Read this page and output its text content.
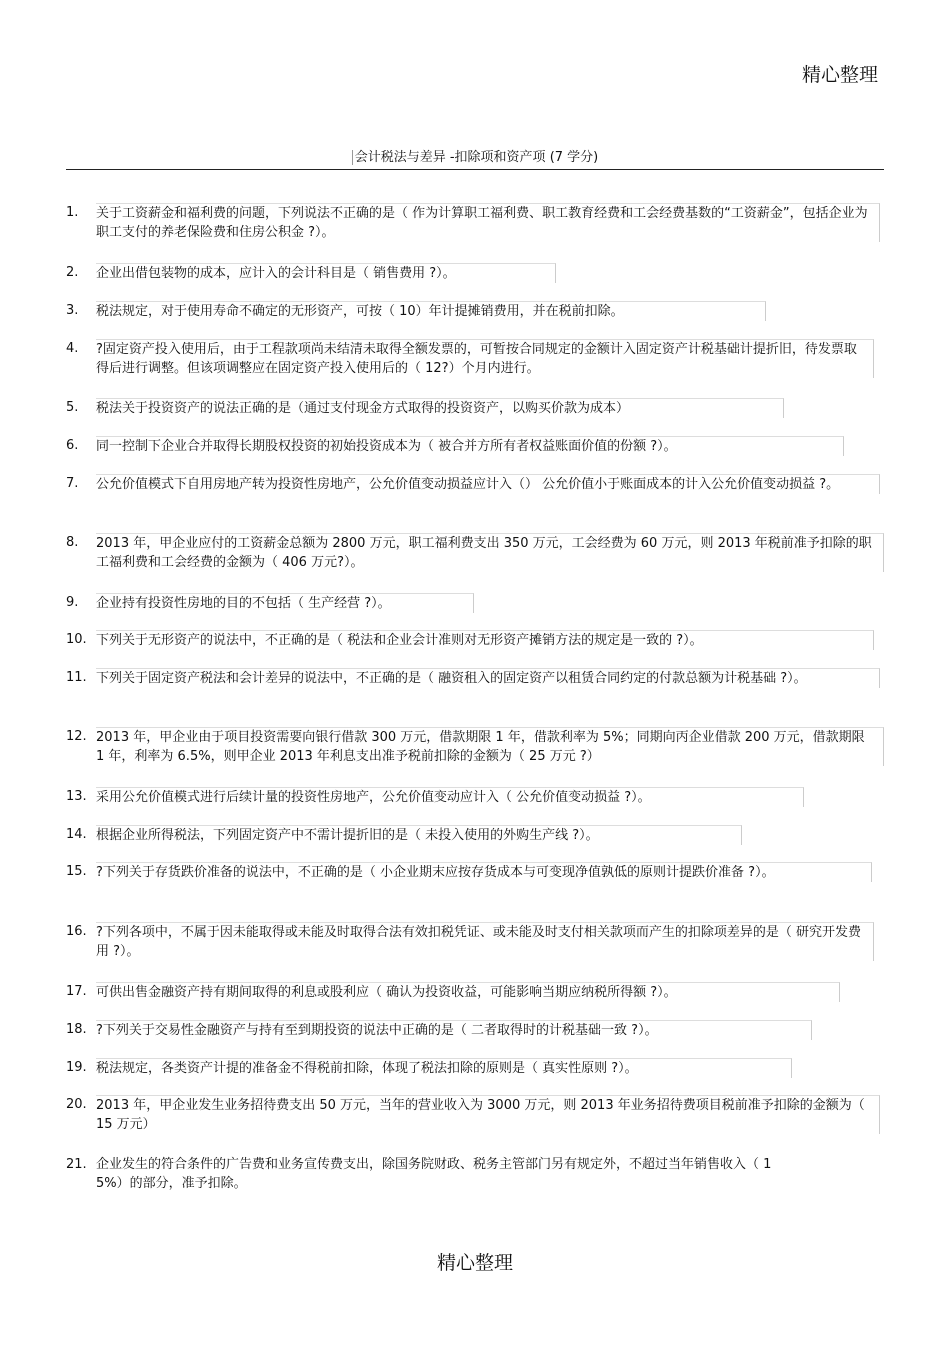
精心整理
会计税法与差异 -扣除项和资产项 (7 学分)
1.	关于工资薪金和福利费的问题，下列说法不正确的是（ 作为计算职工福利费、职工教育经费和工会经费基数的“工资薪金”，包括企业为职工支付的养老保险费和住房公积金 ?）。
2.	企业出借包装物的成本，应计入的会计科目是（ 销售费用 ?）。
3.	税法规定，对于使用寿命不确定的无形资产，可按（ 10）年计提摊销费用，并在税前扣除。
4.	?固定资产投入使用后，由于工程款项尚未结清未取得全额发票的，可暂按合同规定的金额计入固定资产计税基础计提折旧，待发票取得后进行调整。但该项调整应在固定资产投入使用后的（ 12?）个月内进行。
5.	税法关于投资资产的说法正确的是（通过支付现金方式取得的投资资产，以购买价款为成本）
6.	同一控制下企业合并取得长期股权投资的初始投资成本为（ 被合并方所有者权益账面价值的份额 ?）。
7.	公允价值模式下自用房地产转为投资性房地产，公允价值变动损益应计入（） 公允价值小于账面成本的计入公允价值变动损益 ?。
8.	2013 年，甲企业应付的工资薪金总额为 2800 万元，职工福利费支出 350 万元，工会经费为 60 万元，则 2013 年税前准予扣除的职工福利费和工会经费的金额为（ 406 万元?）。
9.	企业持有投资性房地的目的不包括（ 生产经营 ?）。
10. 下列关于无形资产的说法中，不正确的是（ 税法和企业会计准则对无形资产摊销方法的规定是一致的 ?）。
11. 下列关于固定资产税法和会计差异的说法中，不正确的是（ 融资租入的固定资产以租赁合同约定的付款总额为计税基础 ?）。
12. 2013 年，甲企业由于项目投资需要向银行借款 300 万元，借款期限 1 年，借款利率为 5%；同期向丙企业借款 200 万元，借款期限 1 年，利率为 6.5%，则甲企业 2013 年利息支出准予税前扣除的金额为（ 25 万元 ?）
13. 采用公允价值模式进行后续计量的投资性房地产，公允价值变动应计入（ 公允价值变动损益 ?）。
14. 根据企业所得税法，下列固定资产中不需计提折旧的是（ 未投入使用的外购生产线 ?）。
15. ?下列关于存货跌价准备的说法中，不正确的是（ 小企业期末应按存货成本与可变现净值孰低的原则计提跌价准备 ?）。
16. ?下列各项中，不属于因未能取得或未能及时取得合法有效扣税凭证、或未能及时支付相关款项而产生的扣除项差异的是（ 研究开发费用 ?）。
17. 可供出售金融资产持有期间取得的利息或股利应（ 确认为投资收益，可能影响当期应纳税所得额 ?）。
18. ?下列关于交易性金融资产与持有至到期投资的说法中正确的是（ 二者取得时的计税基础一致 ?）。
19. 税法规定，各类资产计提的准备金不得税前扣除，体现了税法扣除的原则是（ 真实性原则 ?）。
20. 2013 年，甲企业发生业务招待费支出 50 万元，当年的营业收入为 3000 万元，则 2013 年业务招待费项目税前准予扣除的金额为（ 15 万元）
21. 企业发生的符合条件的广告费和业务宣传费支出，除国务院财政、税务主管部门另有规定外，不超过当年销售收入（ 15%）的部分，准予扣除。
精心整理
